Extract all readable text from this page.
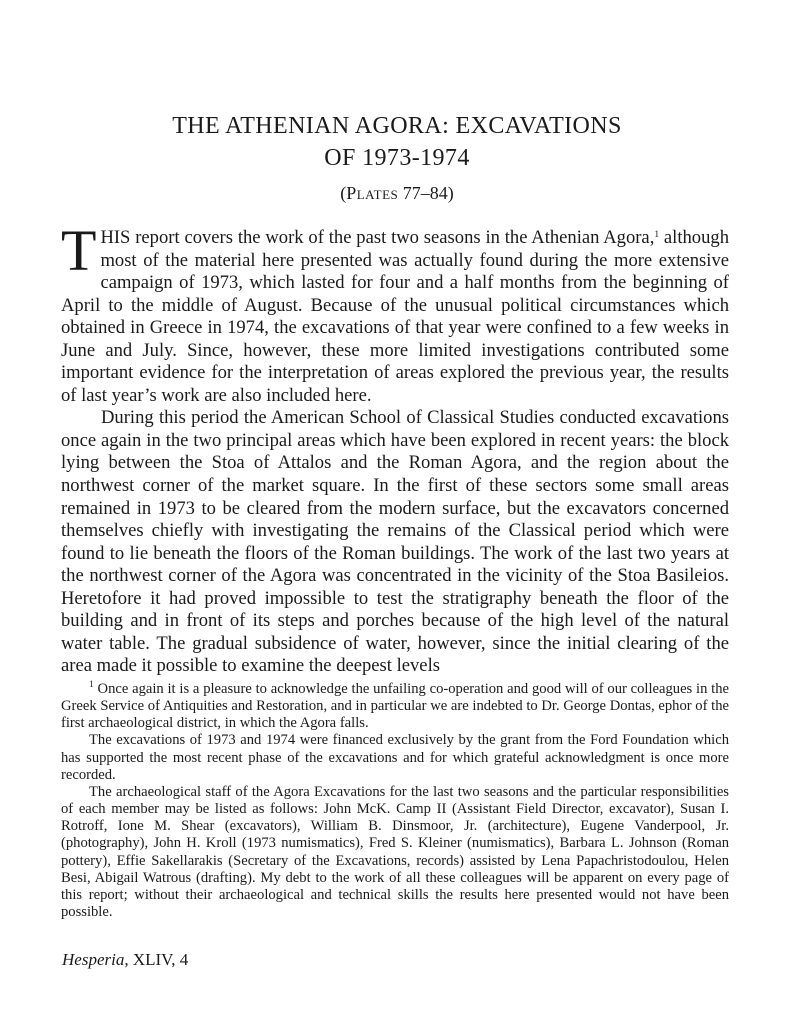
THE ATHENIAN AGORA: EXCAVATIONS
OF 1973-1974
(Plates 77–84)

THIS report covers the work of the past two seasons in the Athenian Agora,$^1$ although most of the material here presented was actually found during the more extensive campaign of 1973, which lasted for four and a half months from the beginning of April to the middle of August. Because of the unusual political circumstances which obtained in Greece in 1974, the excavations of that year were confined to a few weeks in June and July. Since, however, these more limited investigations contributed some important evidence for the interpretation of areas explored the previous year, the results of last year’s work are also included here.

During this period the American School of Classical Studies conducted excavations once again in the two principal areas which have been explored in recent years: the block lying between the Stoa of Attalos and the Roman Agora, and the region about the northwest corner of the market square. In the first of these sectors some small areas remained in 1973 to be cleared from the modern surface, but the excavators concerned themselves chiefly with investigating the remains of the Classical period which were found to lie beneath the floors of the Roman buildings. The work of the last two years at the northwest corner of the Agora was concentrated in the vicinity of the Stoa Basileios. Heretofore it had proved impossible to test the stratigraphy beneath the floor of the building and in front of its steps and porches because of the high level of the natural water table. The gradual subsidence of water, however, since the initial clearing of the area made it possible to examine the deepest levels

$^1$ Once again it is a pleasure to acknowledge the unfailing co-operation and good will of our colleagues in the Greek Service of Antiquities and Restoration, and in particular we are indebted to Dr. George Dontas, ephor of the first archaeological district, in which the Agora falls.

The excavations of 1973 and 1974 were financed exclusively by the grant from the Ford Foundation which has supported the most recent phase of the excavations and for which grateful acknowledgment is once more recorded.

The archaeological staff of the Agora Excavations for the last two seasons and the particular responsibilities of each member may be listed as follows: John McK. Camp II (Assistant Field Director, excavator), Susan I. Rotroff, Ione M. Shear (excavators), William B. Dinsmoor, Jr. (architecture), Eugene Vanderpool, Jr. (photography), John H. Kroll (1973 numismatics), Fred S. Kleiner (numismatics), Barbara L. Johnson (Roman pottery), Effie Sakellarakis (Secretary of the Excavations, records) assisted by Lena Papachristodoulou, Helen Besi, Abigail Watrous (drafting). My debt to the work of all these colleagues will be apparent on every page of this report; without their archaeological and technical skills the results here presented would not have been possible.

Hesperia, XLIV, 4
